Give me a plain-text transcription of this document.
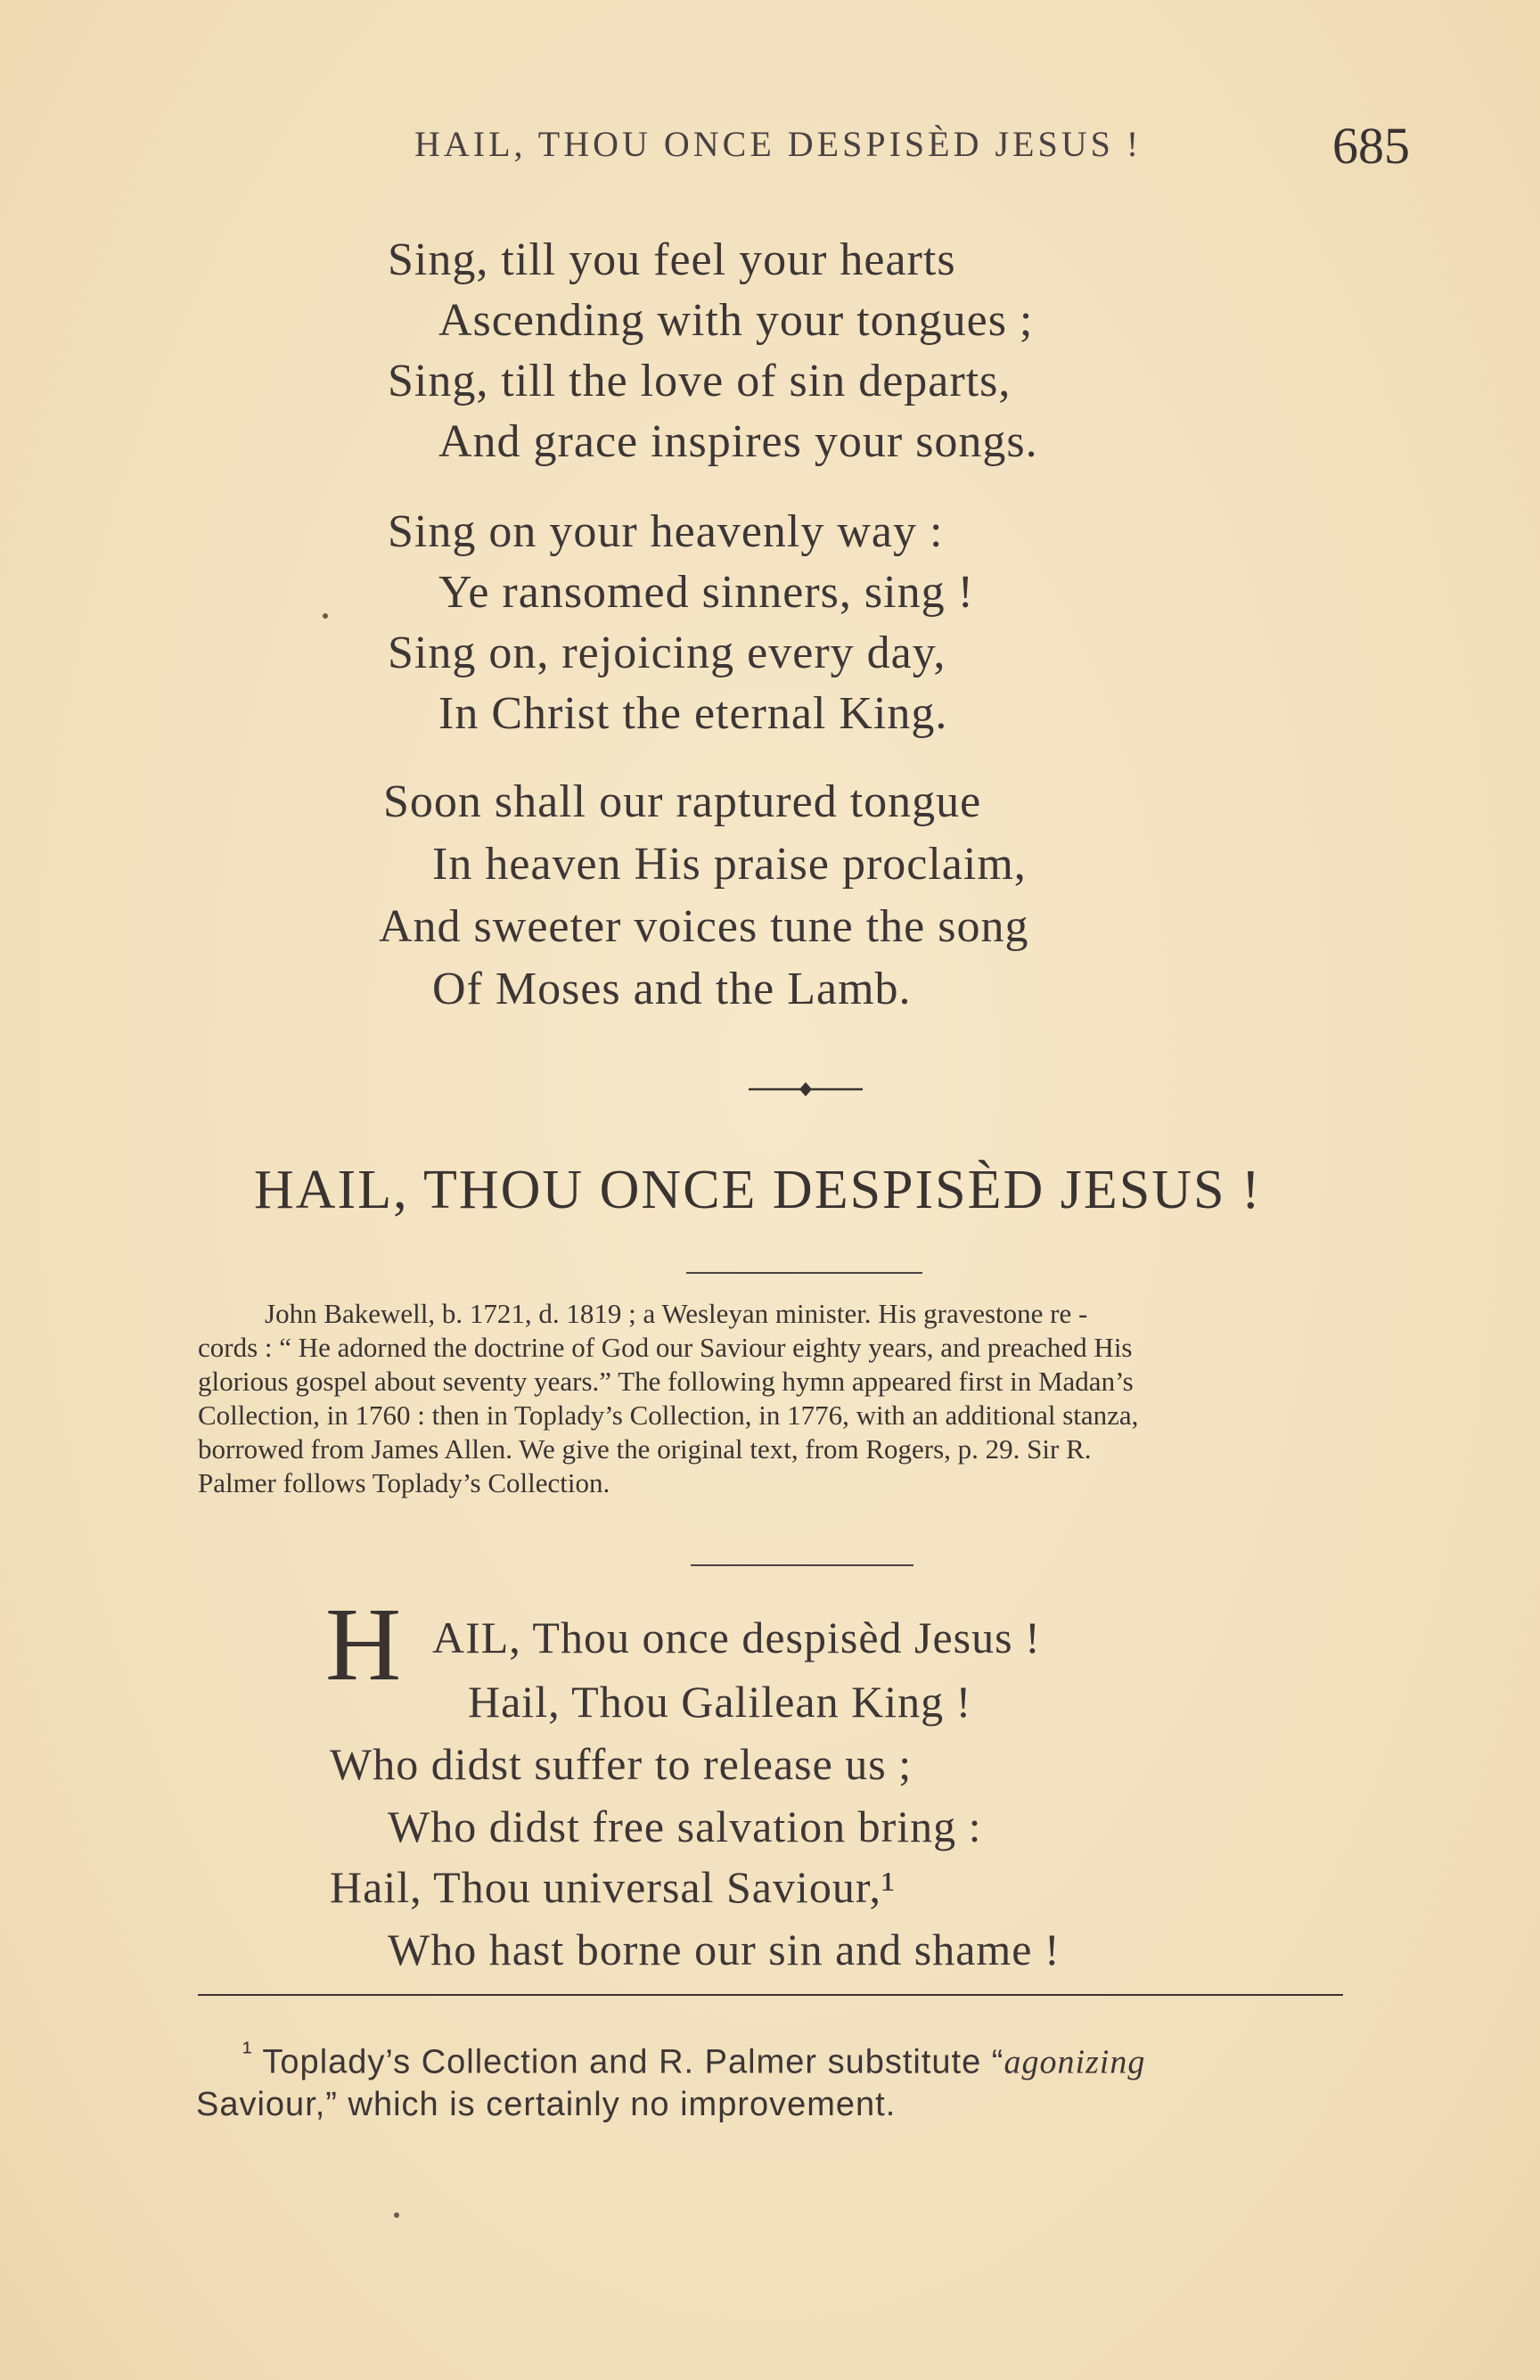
HAIL, THOU ONCE DESPISÈD JESUS !	685
Sing, till you feel your hearts
Ascending with your tongues ;
Sing, till the love of sin departs,
And grace inspires your songs.
Sing on your heavenly way :
Ye ransomed sinners, sing !
Sing on, rejoicing every day,
In Christ the eternal King.
Soon shall our raptured tongue
In heaven His praise proclaim,
And sweeter voices tune the song
Of Moses and the Lamb.
HAIL, THOU ONCE DESPISÈD JESUS !
John Bakewell, b. 1721, d. 1819 ; a Wesleyan minister. His gravestone re -
cords : “ He adorned the doctrine of God our Saviour eighty years, and preached His
glorious gospel about seventy years.” The following hymn appeared first in Madan’s
Collection, in 1760 : then in Toplady’s Collection, in 1776, with an additional stanza,
borrowed from James Allen. We give the original text, from Rogers, p. 29. Sir R.
Palmer follows Toplady’s Collection.
H AIL, Thou once despisèd Jesus !
Hail, Thou Galilean King !
Who didst suffer to release us ;
Who didst free salvation bring :
Hail, Thou universal Saviour,¹
Who hast borne our sin and shame !
$^{^1}$ Toplady’s Collection and R. Palmer substitute “agonizing
Saviour,” which is certainly no improvement.
